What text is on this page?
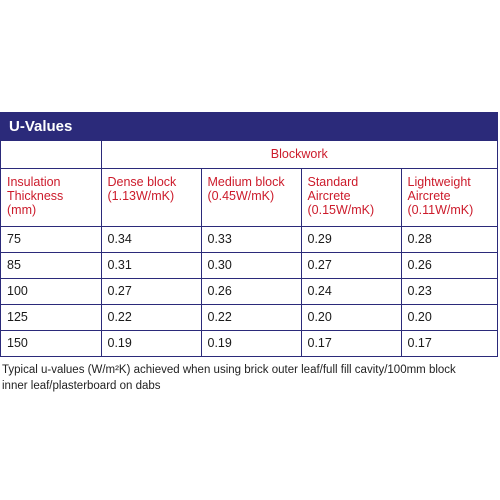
U-Values
	Blockwork			
Insulation Thickness (mm)	Dense block (1.13W/mK)	Medium block (0.45W/mK)	Standard Aircrete (0.15W/mK)	Lightweight Aircrete (0.11W/mK)
75	0.34	0.33	0.29	0.28
85	0.31	0.30	0.27	0.26
100	0.27	0.26	0.24	0.23
125	0.22	0.22	0.20	0.20
150	0.19	0.19	0.17	0.17
Typical u-values (W/m²K) achieved when using brick outer leaf/full fill cavity/100mm block inner leaf/plasterboard on dabs
